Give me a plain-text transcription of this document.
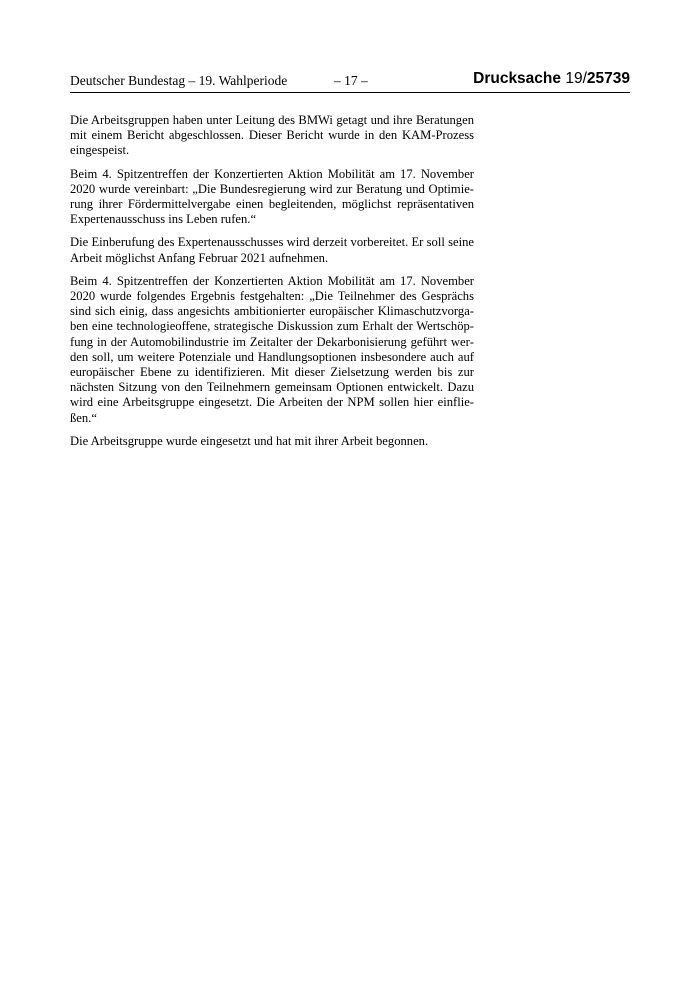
Deutscher Bundestag – 19. Wahlperiode	– 17 –	Drucksache 19/25739

Die Arbeitsgruppen haben unter Leitung des BMWi getagt und ihre Beratungen mit einem Bericht abgeschlossen. Dieser Bericht wurde in den KAM-Prozess eingespeist.

Beim 4. Spitzentreffen der Konzertierten Aktion Mobilität am 17. November 2020 wurde vereinbart: „Die Bundesregierung wird zur Beratung und Optimierung ihrer Fördermittelvergabe einen begleitenden, möglichst repräsentativen Expertenausschuss ins Leben rufen.“

Die Einberufung des Expertenausschusses wird derzeit vorbereitet. Er soll seine Arbeit möglichst Anfang Februar 2021 aufnehmen.

Beim 4. Spitzentreffen der Konzertierten Aktion Mobilität am 17. November 2020 wurde folgendes Ergebnis festgehalten: „Die Teilnehmer des Gesprächs sind sich einig, dass angesichts ambitionierter europäischer Klimaschutzvorgaben eine technologieoffene, strategische Diskussion zum Erhalt der Wertschöpfung in der Automobilindustrie im Zeitalter der Dekarbonisierung geführt werden soll, um weitere Potenziale und Handlungsoptionen insbesondere auch auf europäischer Ebene zu identifizieren. Mit dieser Zielsetzung werden bis zur nächsten Sitzung von den Teilnehmern gemeinsam Optionen entwickelt. Dazu wird eine Arbeitsgruppe eingesetzt. Die Arbeiten der NPM sollen hier einfließen.“

Die Arbeitsgruppe wurde eingesetzt und hat mit ihrer Arbeit begonnen.
